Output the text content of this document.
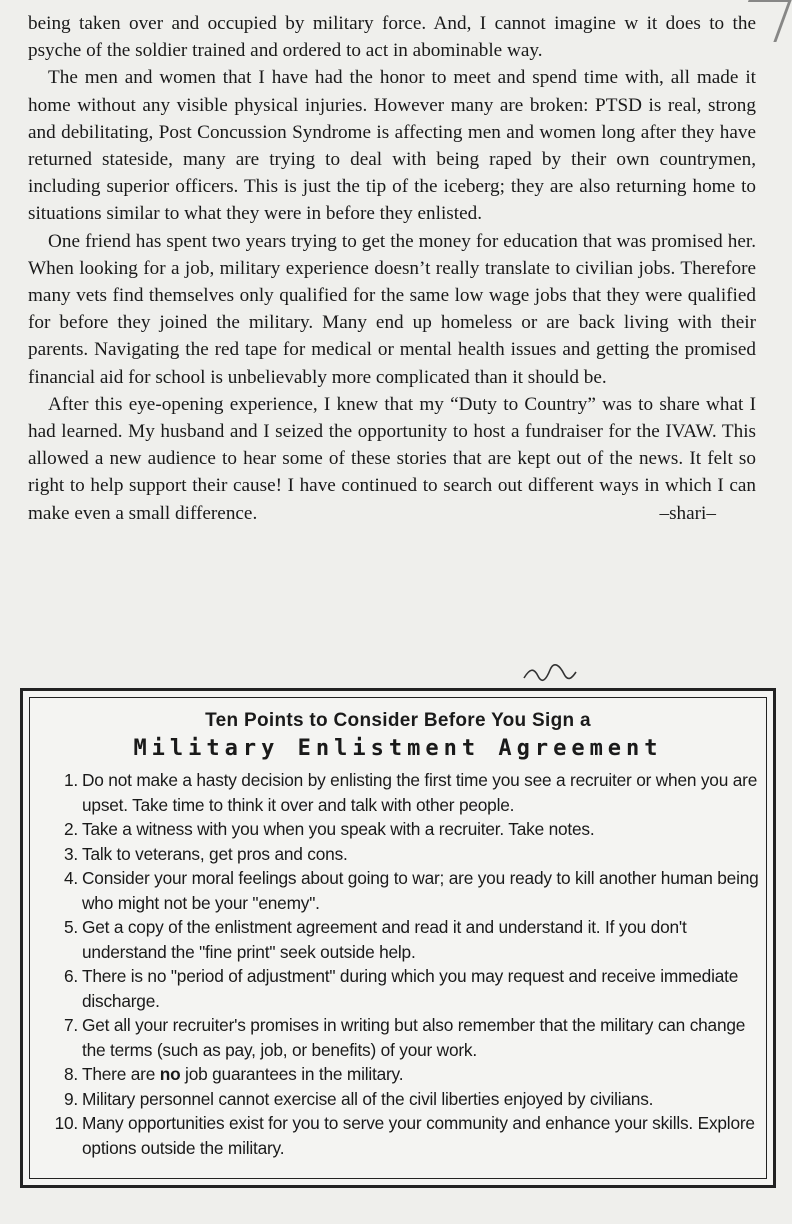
being taken over and occupied by military force. And, I cannot imagine w it does to the psyche of the soldier trained and ordered to act in abominable way.

The men and women that I have had the honor to meet and spend time with, all made it home without any visible physical injuries. However many are broken: PTSD is real, strong and debilitating, Post Concussion Syndrome is affecting men and women long after they have returned stateside, many are trying to deal with being raped by their own countrymen, including superior officers. This is just the tip of the iceberg; they are also returning home to situations similar to what they were in before they enlisted.

One friend has spent two years trying to get the money for education that was promised her. When looking for a job, military experience doesn’t really translate to civilian jobs. Therefore many vets find themselves only qualified for the same low wage jobs that they were qualified for before they joined the military. Many end up homeless or are back living with their parents. Navigating the red tape for medical or mental health issues and getting the promised financial aid for school is unbelievably more complicated than it should be.

After this eye-opening experience, I knew that my “Duty to Country” was to share what I had learned. My husband and I seized the opportunity to host a fundraiser for the IVAW. This allowed a new audience to hear some of these stories that are kept out of the news. It felt so right to help support their cause! I have continued to search out different ways in which I can make even a small difference.	–shari–
Ten Points to Consider Before You Sign a
Military Enlistment Agreement
1. Do not make a hasty decision by enlisting the first time you see a recruiter or when you are upset. Take time to think it over and talk with other people.
2. Take a witness with you when you speak with a recruiter. Take notes.
3. Talk to veterans, get pros and cons.
4. Consider your moral feelings about going to war; are you ready to kill another human being who might not be your "enemy".
5. Get a copy of the enlistment agreement and read it and understand it. If you don't understand the "fine print" seek outside help.
6. There is no "period of adjustment" during which you may request and receive immediate discharge.
7. Get all your recruiter's promises in writing but also remember that the military can change the terms (such as pay, job, or benefits) of your work.
8. There are no job guarantees in the military.
9. Military personnel cannot exercise all of the civil liberties enjoyed by civilians.
10. Many opportunities exist for you to serve your community and enhance your skills. Explore options outside the military.
